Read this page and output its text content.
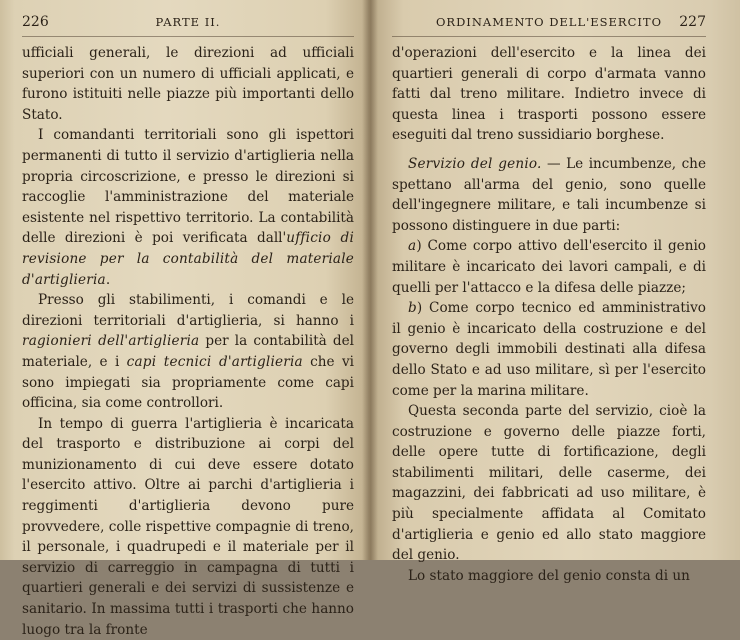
226	PARTE II.

ufficiali generali, le direzioni ad ufficiali superiori con un numero di ufficiali applicati, e furono istituiti nelle piazze più importanti dello Stato.

I comandanti territoriali sono gli ispettori permanenti di tutto il servizio d'artiglieria nella propria circoscrizione, e presso le direzioni si raccoglie l'amministrazione del materiale esistente nel rispettivo territorio. La contabilità delle direzioni è poi verificata dall'ufficio di revisione per la contabilità del materiale d'artiglieria.

Presso gli stabilimenti, i comandi e le direzioni territoriali d'artiglieria, si hanno i ragionieri dell'artiglieria per la contabilità del materiale, e i capi tecnici d'artiglieria che vi sono impiegati sia propriamente come capi officina, sia come controllori.

In tempo di guerra l'artiglieria è incaricata del trasporto e distribuzione ai corpi del munizionamento di cui deve essere dotato l'esercito attivo. Oltre ai parchi d'artiglieria i reggimenti d'artiglieria devono pure provvedere, colle rispettive compagnie di treno, il personale, i quadrupedi e il materiale per il servizio di carreggio in campagna di tutti i quartieri generali e dei servizi di sussistenze e sanitario. In massima tutti i trasporti che hanno luogo tra la fronte

ORDINAMENTO DELL'ESERCITO	227

d'operazioni dell'esercito e la linea dei quartieri generali di corpo d'armata vanno fatti dal treno militare. Indietro invece di questa linea i trasporti possono essere eseguiti dal treno sussidiario borghese.

Servizio del genio. — Le incumbenze, che spettano all'arma del genio, sono quelle dell'ingegnere militare, e tali incumbenze si possono distinguere in due parti:

a) Come corpo attivo dell'esercito il genio militare è incaricato dei lavori campali, e di quelli per l'attacco e la difesa delle piazze;

b) Come corpo tecnico ed amministrativo il genio è incaricato della costruzione e del governo degli immobili destinati alla difesa dello Stato e ad uso militare, sì per l'esercito come per la marina militare.

Questa seconda parte del servizio, cioè la costruzione e governo delle piazze forti, delle opere tutte di fortificazione, degli stabilimenti militari, delle caserme, dei magazzini, dei fabbricati ad uso militare, è più specialmente affidata al Comitato d'artiglieria e genio ed allo stato maggiore del genio.

Lo stato maggiore del genio consta di un
